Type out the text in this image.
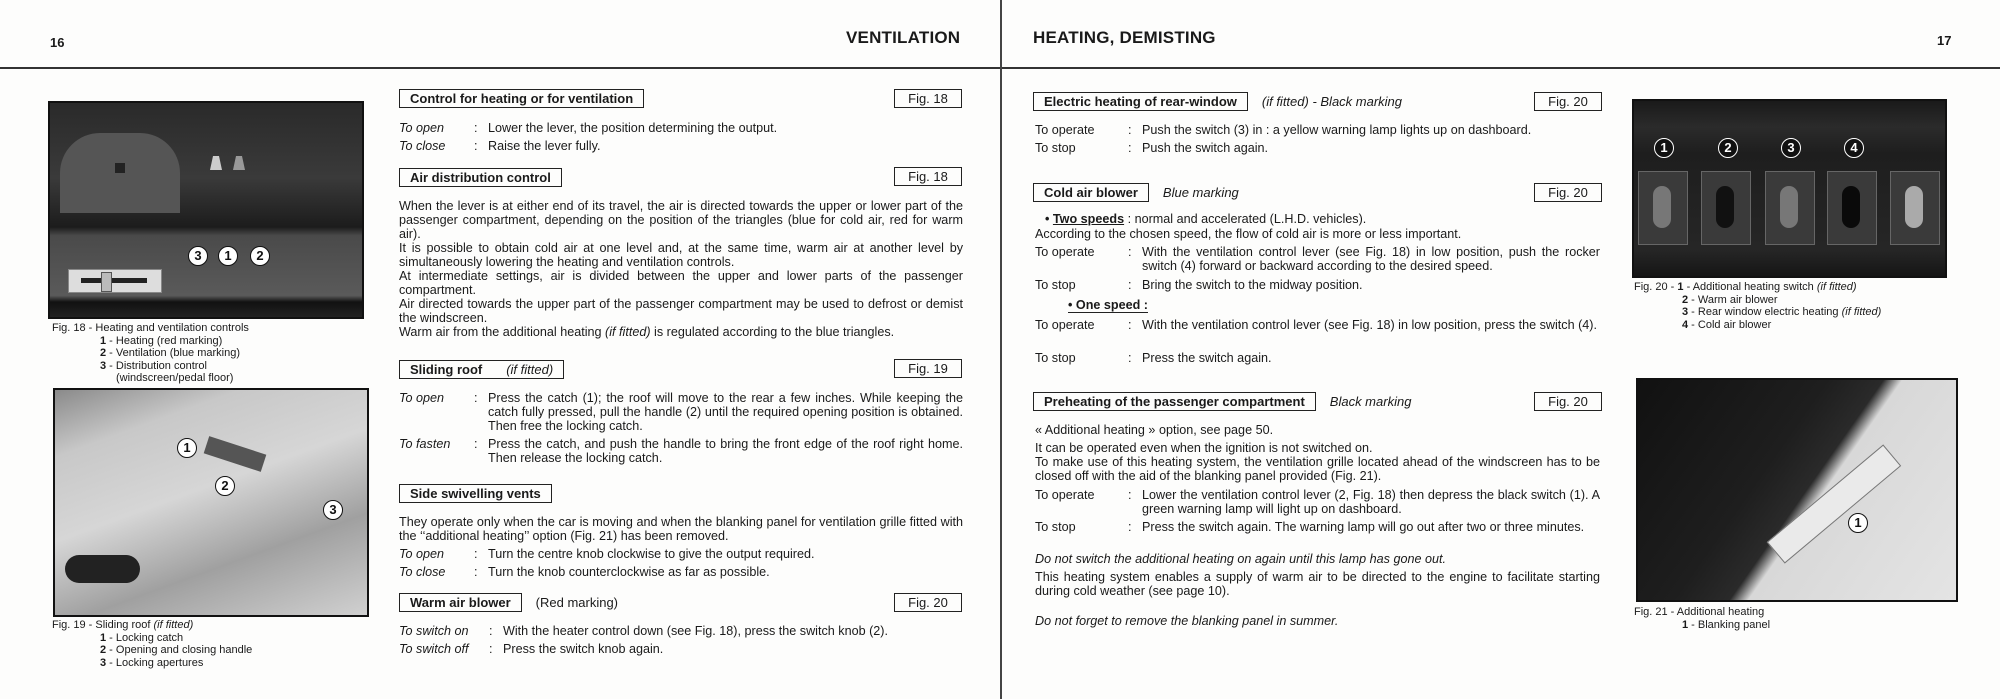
16	VENTILATION
3	1	2
Fig. 18 - Heating and ventilation controls
1 - Heating (red marking)
2 - Ventilation (blue marking)
3 - Distribution control
(windscreen/pedal floor)
1
2
3
Fig. 19 - Sliding roof (if fitted)
1 - Locking catch
2 - Opening and closing handle
3 - Locking apertures
Control for heating or for ventilation	Fig. 18
To open	: Lower the lever, the position determining the output.
To close	: Raise the lever fully.
Air distribution control	Fig. 18
When the lever is at either end of its travel, the air is directed towards the upper or lower part of the passenger compartment, depending on the position of the triangles (blue for cold air, red for warm air).
It is possible to obtain cold air at one level and, at the same time, warm air at another level by simultaneously lowering the heating and ventilation controls.
At intermediate settings, air is divided between the upper and lower parts of the passenger compartment.
Air directed towards the upper part of the passenger compartment may be used to defrost or demist the windscreen.
Warm air from the additional heating (if fitted) is regulated according to the blue triangles.
Sliding roof (if fitted)	Fig. 19
To open	: Press the catch (1); the roof will move to the rear a few inches. While keeping the catch fully pressed, pull the handle (2) until the required opening position is obtained. Then free the locking catch.
To fasten	: Press the catch, and push the handle to bring the front edge of the roof right home. Then release the locking catch.
Side swivelling vents
They operate only when the car is moving and when the blanking panel for ventilation grille fitted with the ‘‘additional heating’’ option (Fig. 21) has been removed.
To open	: Turn the centre knob clockwise to give the output required.
To close	: Turn the knob counterclockwise as far as possible.
Warm air blower	(Red marking)	Fig. 20
To switch on	: With the heater control down (see Fig. 18), press the switch knob (2).
To switch off	: Press the switch knob again.
HEATING, DEMISTING	17
Electric heating of rear-window	(if fitted) - Black marking	Fig. 20
To operate	: Push the switch (3) in : a yellow warning lamp lights up on dashboard.
To stop	: Push the switch again.
Cold air blower	Blue marking	Fig. 20
• Two speeds : normal and accelerated (L.H.D. vehicles).
According to the chosen speed, the flow of cold air is more or less important.
To operate	: With the ventilation control lever (see Fig. 18) in low position, push the rocker switch (4) forward or backward according to the desired speed.
To stop	: Bring the switch to the midway position.
• One speed :
To operate	: With the ventilation control lever (see Fig. 18) in low position, press the switch (4).
To stop	: Press the switch again.
Preheating of the passenger compartment	Black marking	Fig. 20
« Additional heating » option, see page 50.
It can be operated even when the ignition is not switched on.
To make use of this heating system, the ventilation grille located ahead of the windscreen has to be closed off with the aid of the blanking panel provided (Fig. 21).
To operate	: Lower the ventilation control lever (2, Fig. 18) then depress the black switch (1). A green warning lamp will light up on dashboard.
To stop	: Press the switch again. The warning lamp will go out after two or three minutes.
Do not switch the additional heating on again until this lamp has gone out.
This heating system enables a supply of warm air to be directed to the engine to facilitate starting during cold weather (see page 10).
Do not forget to remove the blanking panel in summer.
1	2	3	4
Fig. 20 - 1 - Additional heating switch (if fitted)
2 - Warm air blower
3 - Rear window electric heating (if fitted)
4 - Cold air blower
1
Fig. 21 - Additional heating
1 - Blanking panel
